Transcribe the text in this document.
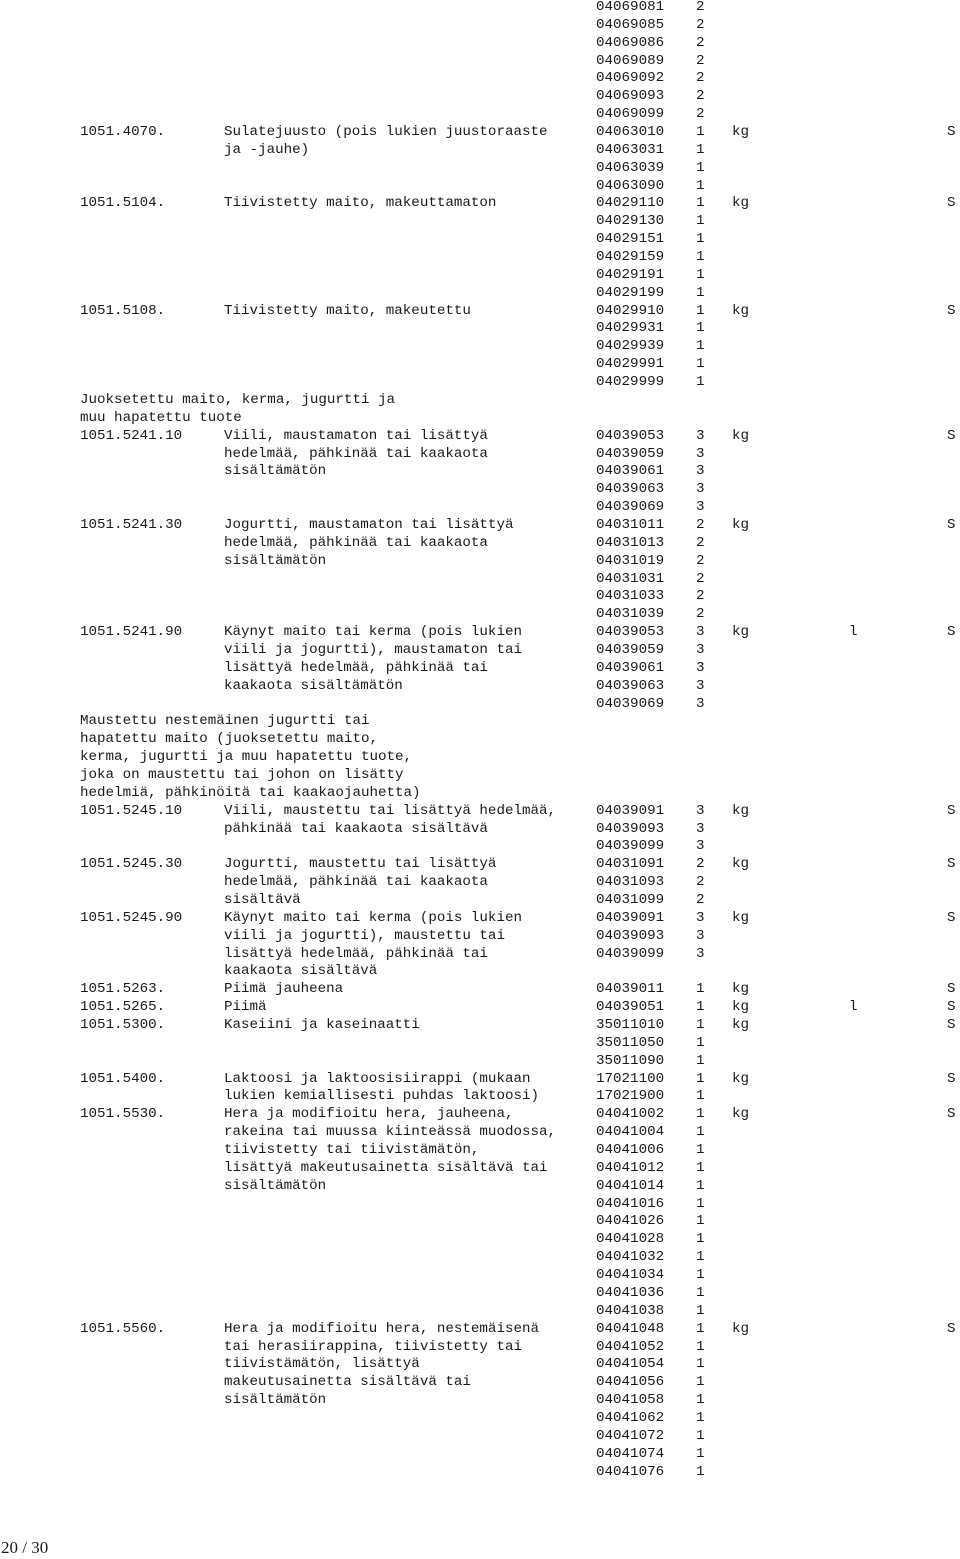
04069081 2
04069085 2
04069086 2
04069089 2
04069092 2
04069093 2
04069099 2
1051.4070.	Sulatejuusto (pois lukien juustoraaste	04063010 1 kg	S
ja -jauhe)	04063031 1
04063039 1
04063090 1
1051.5104.	Tiivistetty maito, makeuttamaton	04029110 1 kg	S
04029130 1
04029151 1
04029159 1
04029191 1
04029199 1
1051.5108.	Tiivistetty maito, makeutettu	04029910 1 kg	S
04029931 1
04029939 1
04029991 1
04029999 1
Juoksetettu maito, kerma, jugurtti ja
muu hapatettu tuote
1051.5241.10	Viili, maustamaton tai lisättyä	04039053 3 kg	S
hedelmää, pähkinää tai kaakaota	04039059 3
sisältämätön	04039061 3
04039063 3
04039069 3
1051.5241.30	Jogurtti, maustamaton tai lisättyä	04031011 2 kg	S
hedelmää, pähkinää tai kaakaota	04031013 2
sisältämätön	04031019 2
04031031 2
04031033 2
04031039 2
1051.5241.90	Käynyt maito tai kerma (pois lukien	04039053 3 kg	l	S
viili ja jogurtti), maustamaton tai	04039059 3
lisättyä hedelmää, pähkinää tai	04039061 3
kaakaota sisältämätön	04039063 3
04039069 3
Maustettu nestemäinen jugurtti tai
hapatettu maito (juoksetettu maito,
kerma, jugurtti ja muu hapatettu tuote,
joka on maustettu tai johon on lisätty
hedelmiä, pähkinöitä tai kaakaojauhetta)
1051.5245.10	Viili, maustettu tai lisättyä hedelmää,	04039091 3 kg	S
pähkinää tai kaakaota sisältävä	04039093 3
04039099 3
1051.5245.30	Jogurtti, maustettu tai lisättyä	04031091 2 kg	S
hedelmää, pähkinää tai kaakaota	04031093 2
sisältävä	04031099 2
1051.5245.90	Käynyt maito tai kerma (pois lukien	04039091 3 kg	S
viili ja jogurtti), maustettu tai	04039093 3
lisättyä hedelmää, pähkinää tai	04039099 3
kaakaota sisältävä
1051.5263.	Piimä jauheena	04039011 1 kg	S
1051.5265.	Piimä	04039051 1 kg	l	S
1051.5300.	Kaseiini ja kaseinaatti	35011010 1 kg	S
35011050 1
35011090 1
1051.5400.	Laktoosi ja laktoosisiirappi (mukaan	17021100 1 kg	S
lukien kemiallisesti puhdas laktoosi)	17021900 1
1051.5530.	Hera ja modifioitu hera, jauheena,	04041002 1 kg	S
rakeina tai muussa kiinteässä muodossa,	04041004 1
tiivistetty tai tiivistämätön,	04041006 1
lisättyä makeutusainetta sisältävä tai	04041012 1
sisältämätön	04041014 1
04041016 1
04041026 1
04041028 1
04041032 1
04041034 1
04041036 1
04041038 1
1051.5560.	Hera ja modifioitu hera, nestemäisenä	04041048 1 kg	S
tai herasiirappina, tiivistetty tai	04041052 1
tiivistämätön, lisättyä	04041054 1
makeutusainetta sisältävä tai	04041056 1
sisältämätön	04041058 1
04041062 1
04041072 1
04041074 1
04041076 1
20 / 30
